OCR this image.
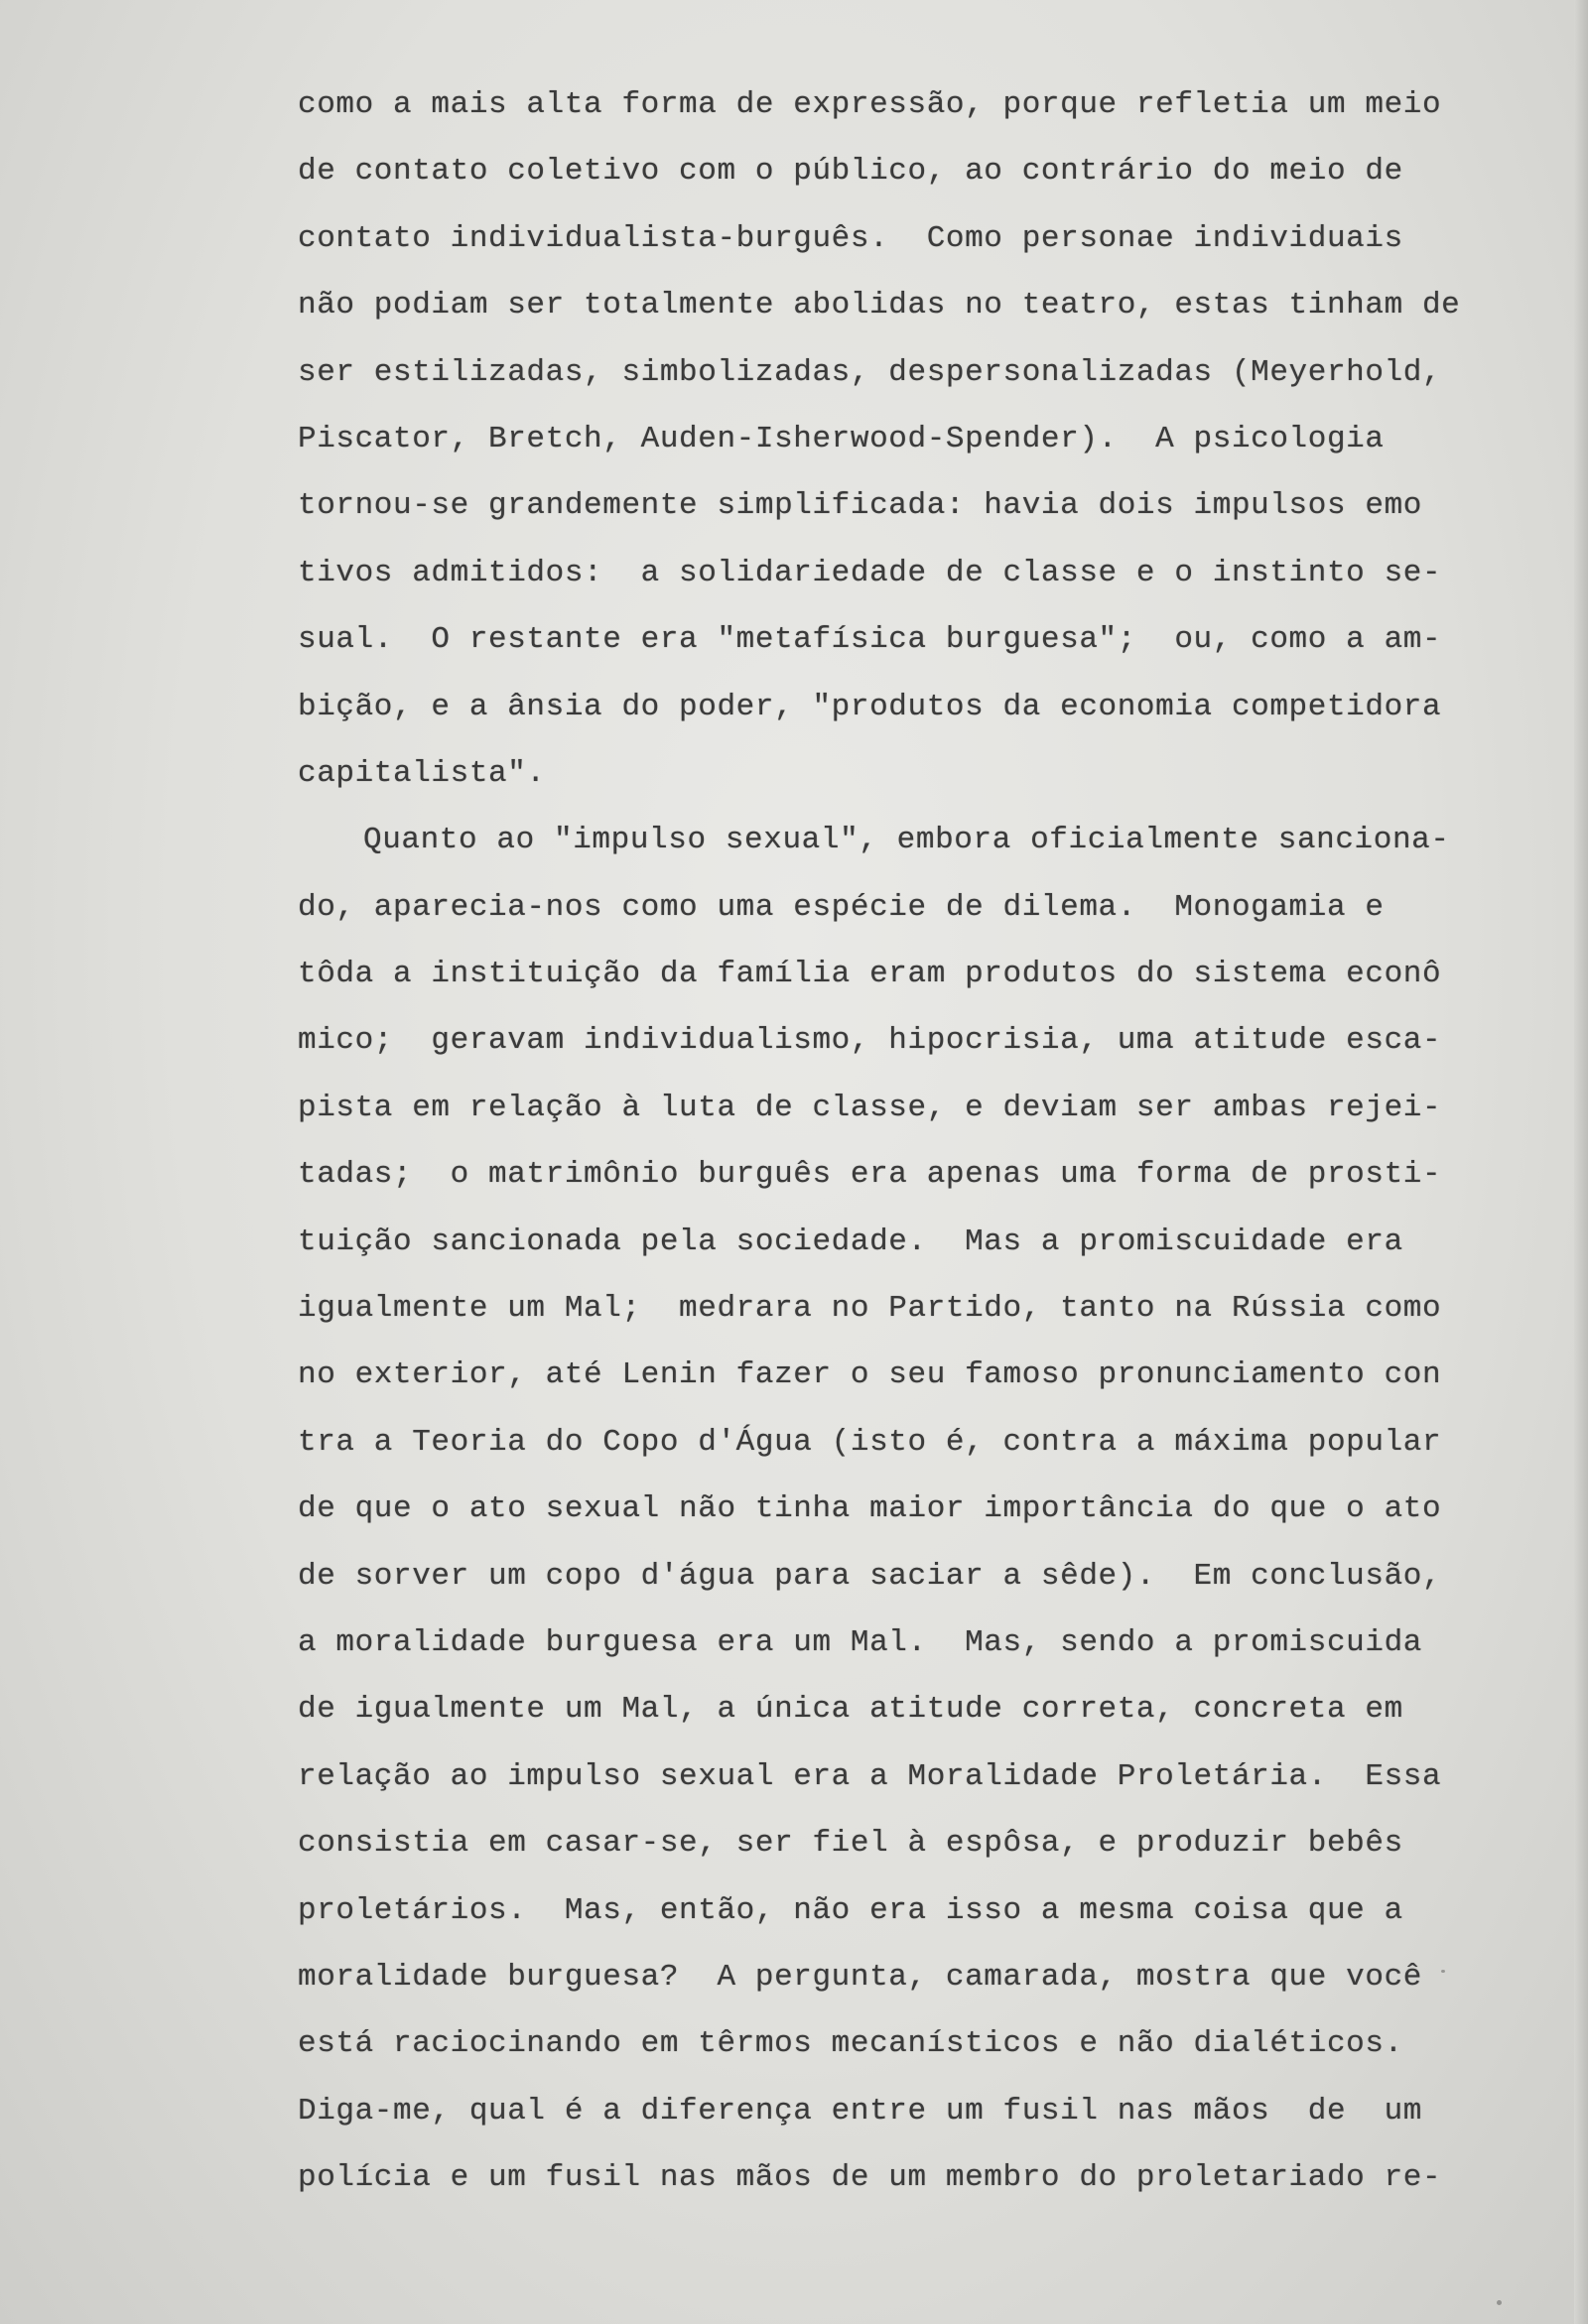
como a mais alta forma de expressão, porque refletia um meio
de contato coletivo com o público, ao contrário do meio de
contato individualista-burguês.  Como personae individuais
não podiam ser totalmente abolidas no teatro, estas tinham de
ser estilizadas, simbolizadas, despersonalizadas (Meyerhold,
Piscator, Bretch, Auden-Isherwood-Spender).  A psicologia
tornou-se grandemente simplificada: havia dois impulsos emo
tivos admitidos:  a solidariedade de classe e o instinto se-
sual.  O restante era "metafísica burguesa";  ou, como a am-
bição, e a ânsia do poder, "produtos da economia competidora
capitalista".
Quanto ao "impulso sexual", embora oficialmente sanciona-
do, aparecia-nos como uma espécie de dilema.  Monogamia e
tôda a instituição da família eram produtos do sistema econô
mico;  geravam individualismo, hipocrisia, uma atitude esca-
pista em relação à luta de classe, e deviam ser ambas rejei-
tadas;  o matrimônio burguês era apenas uma forma de prosti-
tuição sancionada pela sociedade.  Mas a promiscuidade era
igualmente um Mal;  medrara no Partido, tanto na Rússia como
no exterior, até Lenin fazer o seu famoso pronunciamento con
tra a Teoria do Copo d'Água (isto é, contra a máxima popular
de que o ato sexual não tinha maior importância do que o ato
de sorver um copo d'água para saciar a sêde).  Em conclusão,
a moralidade burguesa era um Mal.  Mas, sendo a promiscuida
de igualmente um Mal, a única atitude correta, concreta em
relação ao impulso sexual era a Moralidade Proletária.  Essa
consistia em casar-se, ser fiel à espôsa, e produzir bebês
proletários.  Mas, então, não era isso a mesma coisa que a
moralidade burguesa?  A pergunta, camarada, mostra que você
está raciocinando em têrmos mecanísticos e não dialéticos.
Diga-me, qual é a diferença entre um fusil nas mãos  de  um
polícia e um fusil nas mãos de um membro do proletariado re-
